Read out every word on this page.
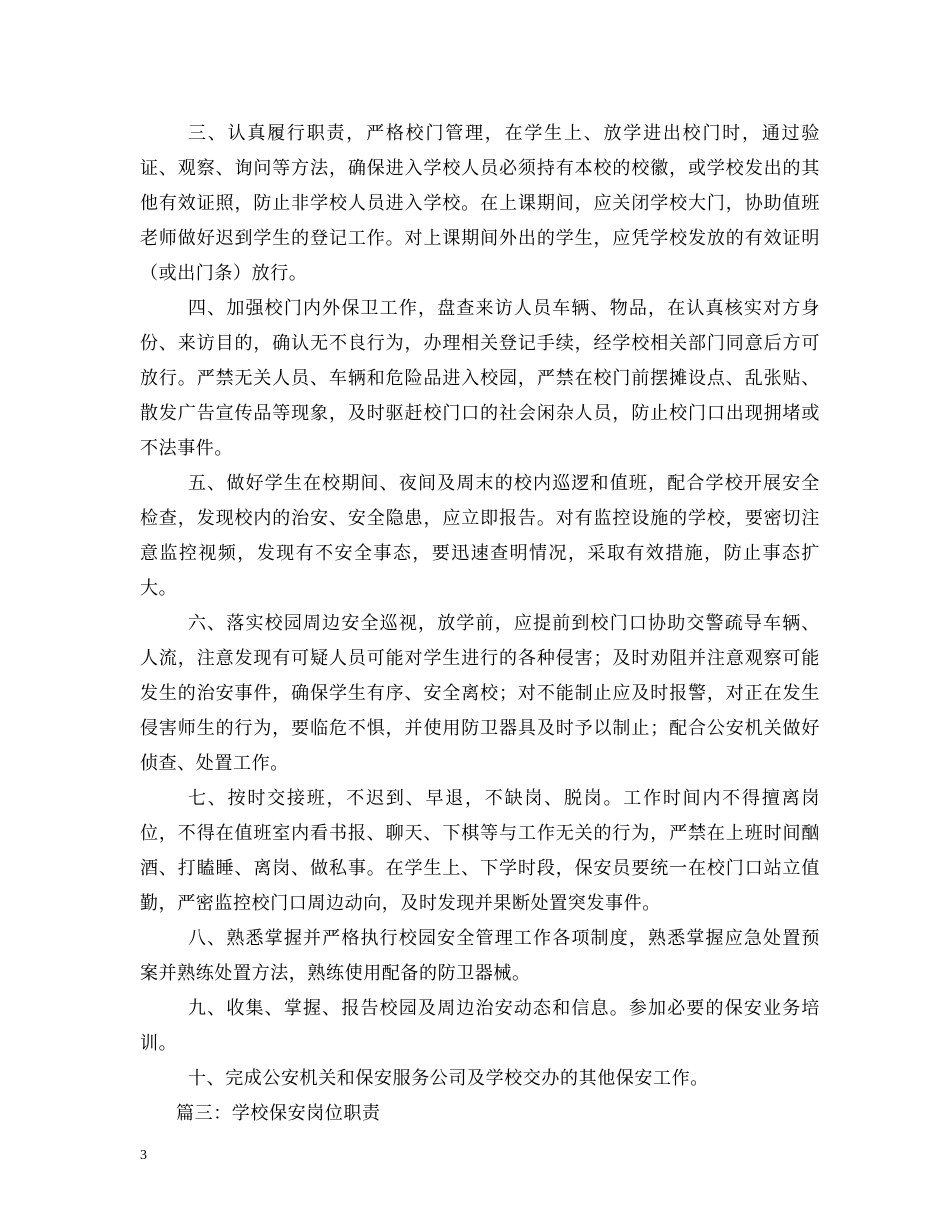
三、认真履行职责，严格校门管理，在学生上、放学进出校门时，通过验证、观察、询问等方法，确保进入学校人员必须持有本校的校徽，或学校发出的其他有效证照，防止非学校人员进入学校。在上课期间，应关闭学校大门，协助值班老师做好迟到学生的登记工作。对上课期间外出的学生，应凭学校发放的有效证明（或出门条）放行。

四、加强校门内外保卫工作，盘查来访人员车辆、物品，在认真核实对方身份、来访目的，确认无不良行为，办理相关登记手续，经学校相关部门同意后方可放行。严禁无关人员、车辆和危险品进入校园，严禁在校门前摆摊设点、乱张贴、散发广告宣传品等现象，及时驱赶校门口的社会闲杂人员，防止校门口出现拥堵或不法事件。

五、做好学生在校期间、夜间及周末的校内巡逻和值班，配合学校开展安全检查，发现校内的治安、安全隐患，应立即报告。对有监控设施的学校，要密切注意监控视频，发现有不安全事态，要迅速查明情况，采取有效措施，防止事态扩大。

六、落实校园周边安全巡视，放学前，应提前到校门口协助交警疏导车辆、人流，注意发现有可疑人员可能对学生进行的各种侵害；及时劝阻并注意观察可能发生的治安事件，确保学生有序、安全离校；对不能制止应及时报警，对正在发生侵害师生的行为，要临危不惧，并使用防卫器具及时予以制止；配合公安机关做好侦查、处置工作。

七、按时交接班，不迟到、早退，不缺岗、脱岗。工作时间内不得擅离岗位，不得在值班室内看书报、聊天、下棋等与工作无关的行为，严禁在上班时间酗酒、打瞌睡、离岗、做私事。在学生上、下学时段，保安员要统一在校门口站立值勤，严密监控校门口周边动向，及时发现并果断处置突发事件。

八、熟悉掌握并严格执行校园安全管理工作各项制度，熟悉掌握应急处置预案并熟练处置方法，熟练使用配备的防卫器械。

九、收集、掌握、报告校园及周边治安动态和信息。参加必要的保安业务培训。

十、完成公安机关和保安服务公司及学校交办的其他保安工作。

篇三：学校保安岗位职责

3
